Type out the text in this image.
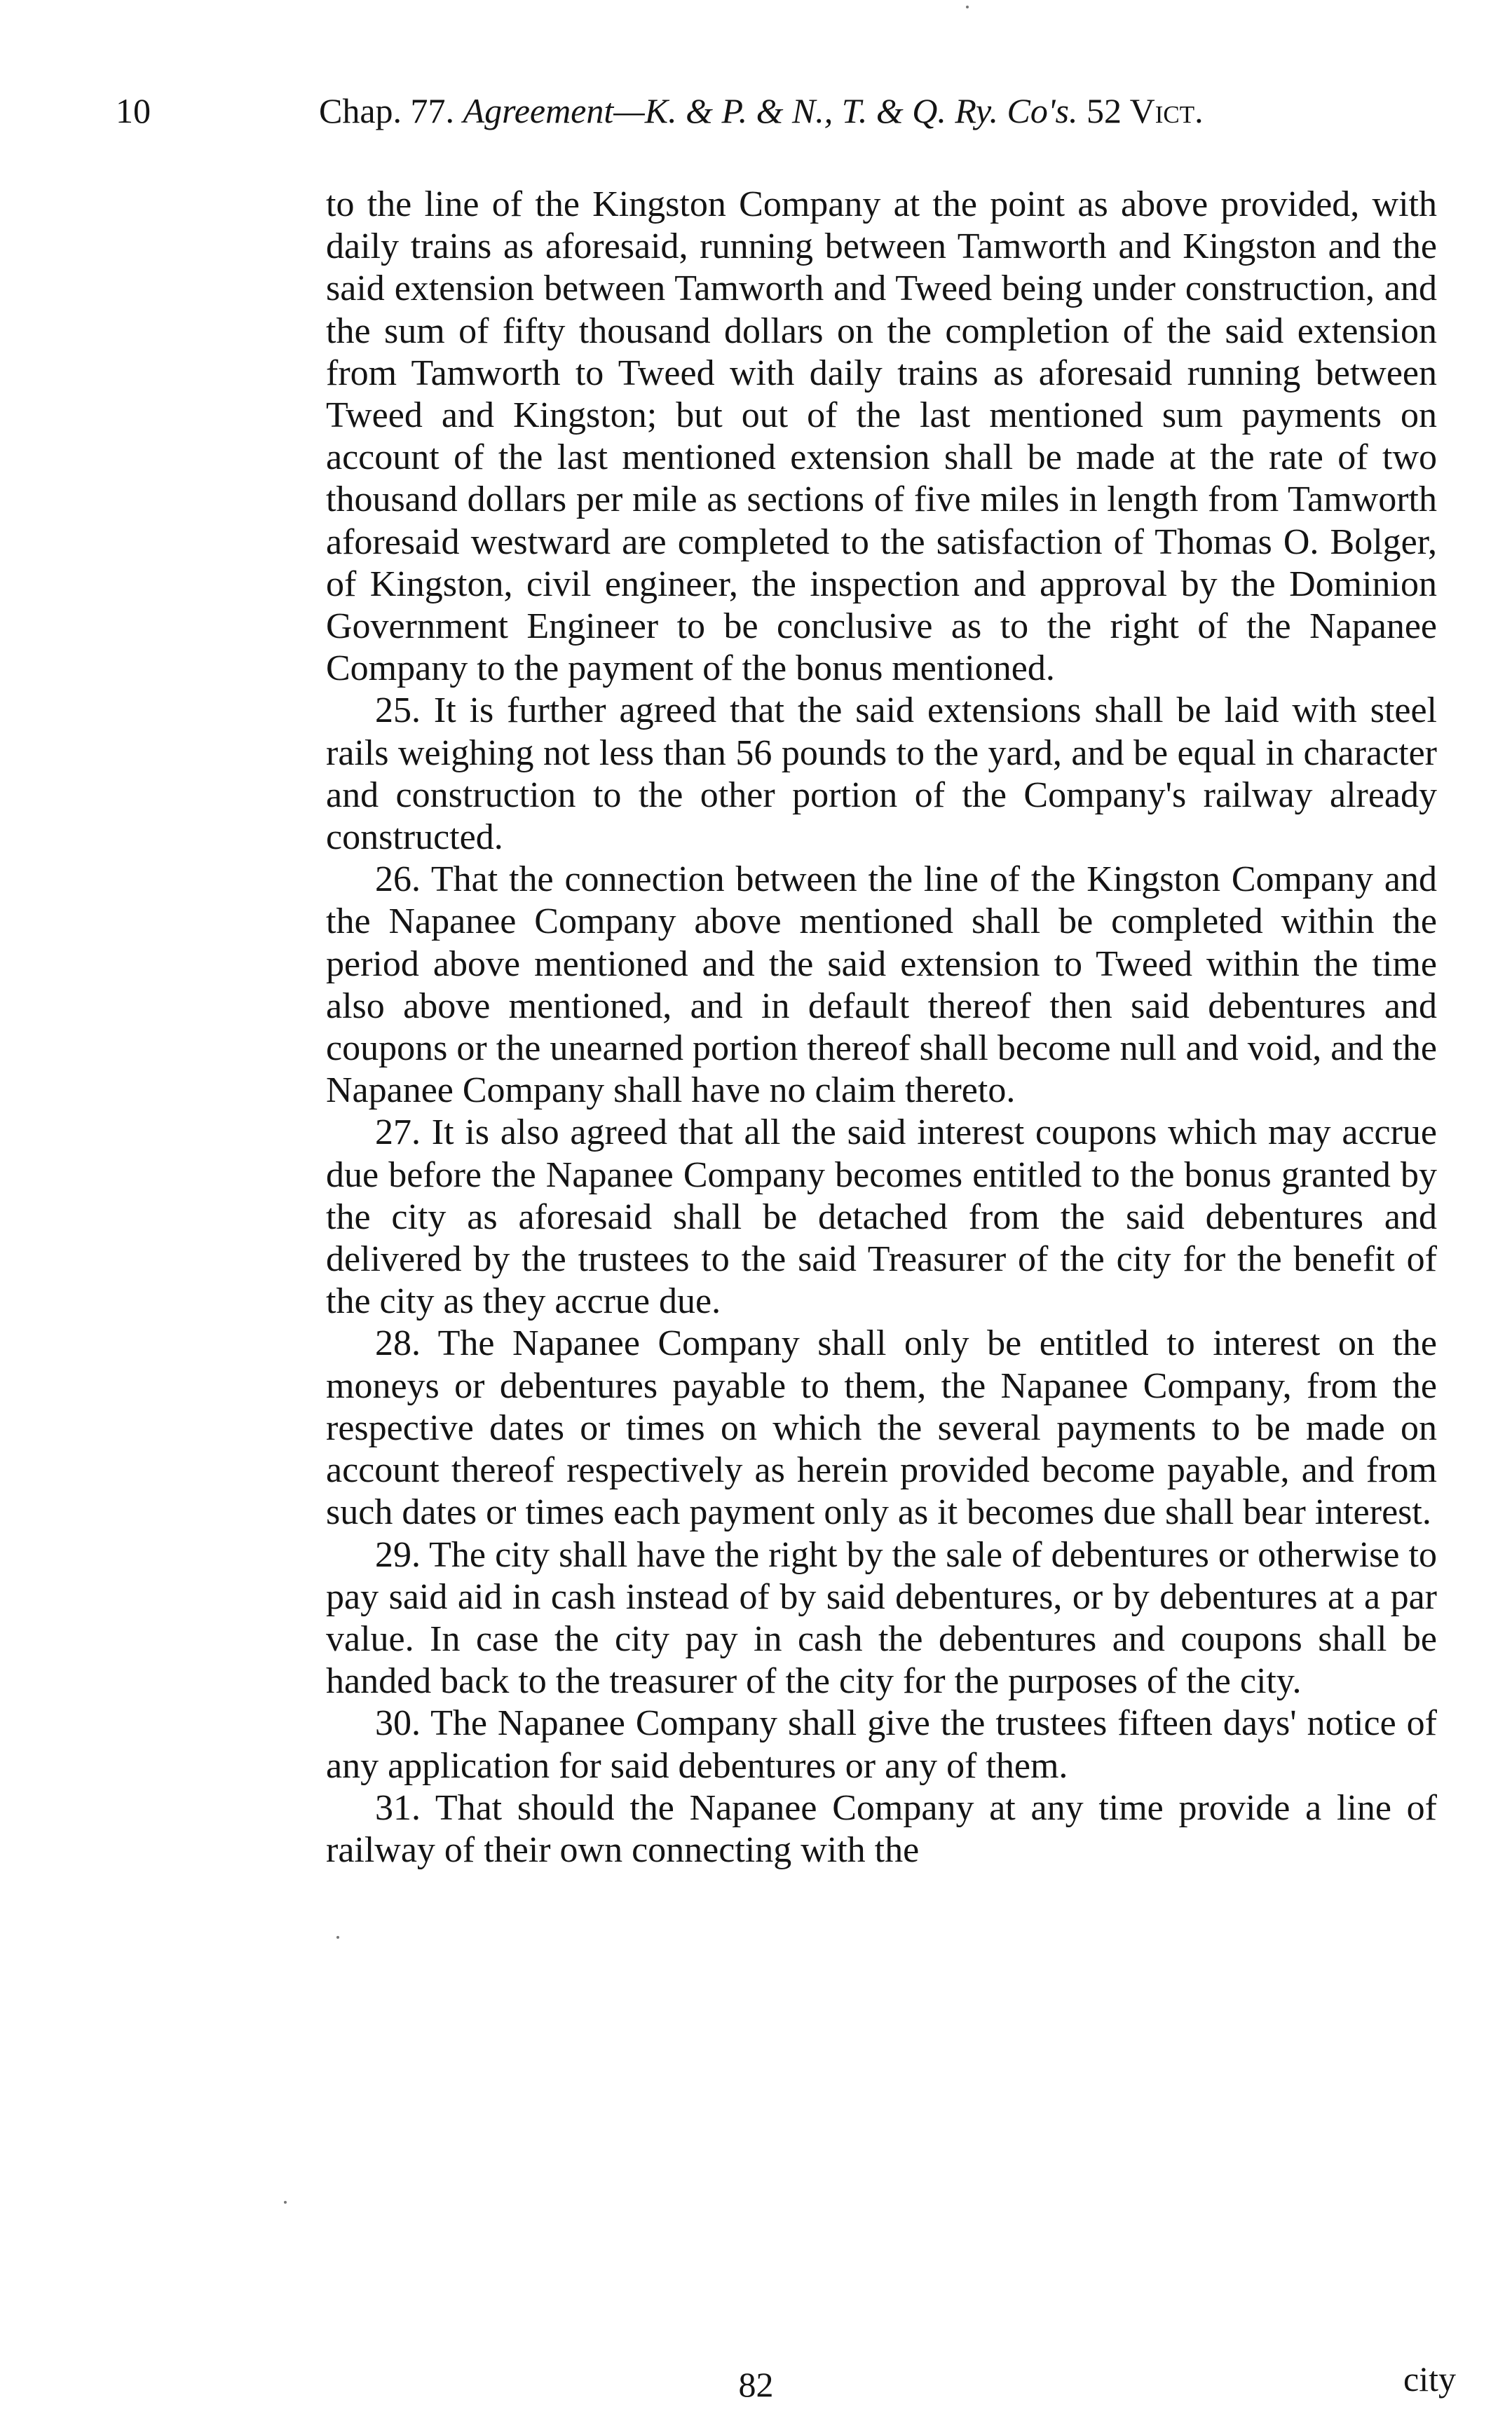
10	Chap. 77. Agreement—K. & P. & N., T. & Q. Ry. Co's. 52 Vict.

to the line of the Kingston Company at the point as above provided, with daily trains as aforesaid, running between Tamworth and Kingston and the said extension between Tamworth and Tweed being under construction, and the sum of fifty thousand dollars on the completion of the said extension from Tamworth to Tweed with daily trains as aforesaid running between Tweed and Kingston; but out of the last mentioned sum payments on account of the last mentioned extension shall be made at the rate of two thousand dollars per mile as sections of five miles in length from Tamworth aforesaid westward are completed to the satisfaction of Thomas O. Bolger, of Kingston, civil engineer, the inspection and approval by the Dominion Government Engineer to be conclusive as to the right of the Napanee Company to the payment of the bonus mentioned.

25. It is further agreed that the said extensions shall be laid with steel rails weighing not less than 56 pounds to the yard, and be equal in character and construction to the other portion of the Company's railway already constructed.

26. That the connection between the line of the Kingston Company and the Napanee Company above mentioned shall be completed within the period above mentioned and the said extension to Tweed within the time also above mentioned, and in default thereof then said debentures and coupons or the unearned portion thereof shall become null and void, and the Napanee Company shall have no claim thereto.

27. It is also agreed that all the said interest coupons which may accrue due before the Napanee Company becomes entitled to the bonus granted by the city as aforesaid shall be detached from the said debentures and delivered by the trustees to the said Treasurer of the city for the benefit of the city as they accrue due.

28. The Napanee Company shall only be entitled to interest on the moneys or debentures payable to them, the Napanee Company, from the respective dates or times on which the several payments to be made on account thereof respectively as herein provided become payable, and from such dates or times each payment only as it becomes due shall bear interest.

29. The city shall have the right by the sale of debentures or otherwise to pay said aid in cash instead of by said debentures, or by debentures at a par value. In case the city pay in cash the debentures and coupons shall be handed back to the treasurer of the city for the purposes of the city.

30. The Napanee Company shall give the trustees fifteen days' notice of any application for said debentures or any of them.

31. That should the Napanee Company at any time provide a line of railway of their own connecting with the

82	city
